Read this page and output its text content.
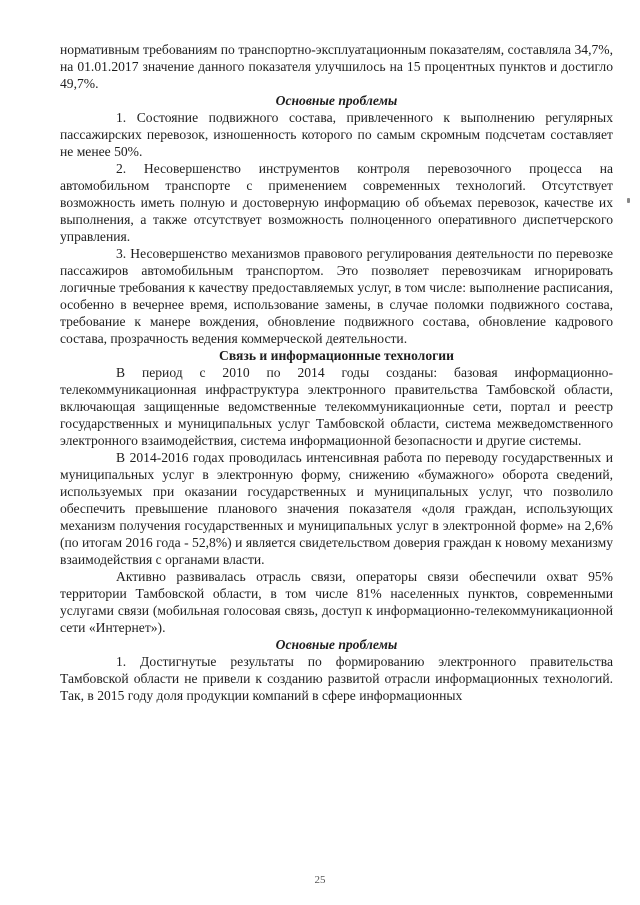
нормативным требованиям по транспортно-эксплуатационным показателям, составляла 34,7%, на 01.01.2017 значение данного показателя улучшилось на 15 процентных пунктов и достигло 49,7%.

Основные проблемы

1. Состояние подвижного состава, привлеченного к выполнению регулярных пассажирских перевозок, изношенность которого по самым скромным подсчетам составляет не менее 50%.

2. Несовершенство инструментов контроля перевозочного процесса на автомобильном транспорте с применением современных технологий. Отсутствует возможность иметь полную и достоверную информацию об объемах перевозок, качестве их выполнения, а также отсутствует возможность полноценного оперативного диспетчерского управления.

3. Несовершенство механизмов правового регулирования деятельности по перевозке пассажиров автомобильным транспортом. Это позволяет перевозчикам игнорировать логичные требования к качеству предоставляемых услуг, в том числе: выполнение расписания, особенно в вечернее время, использование замены, в случае поломки подвижного состава, требование к манере вождения, обновление подвижного состава, обновление кадрового состава, прозрачность ведения коммерческой деятельности.

Связь и информационные технологии

В период с 2010 по 2014 годы созданы: базовая информационно-телекоммуникационная инфраструктура электронного правительства Тамбовской области, включающая защищенные ведомственные телекоммуникационные сети, портал и реестр государственных и муниципальных услуг Тамбовской области, система межведомственного электронного взаимодействия, система информационной безопасности и другие системы.

В 2014-2016 годах проводилась интенсивная работа по переводу государственных и муниципальных услуг в электронную форму, снижению «бумажного» оборота сведений, используемых при оказании государственных и муниципальных услуг, что позволило обеспечить превышение планового значения показателя «доля граждан, использующих механизм получения государственных и муниципальных услуг в электронной форме» на 2,6% (по итогам 2016 года - 52,8%) и является свидетельством доверия граждан к новому механизму взаимодействия с органами власти.

Активно развивалась отрасль связи, операторы связи обеспечили охват 95% территории Тамбовской области, в том числе 81% населенных пунктов, современными услугами связи (мобильная голосовая связь, доступ к информационно-телекоммуникационной сети «Интернет»).

Основные проблемы

1. Достигнутые результаты по формированию электронного правительства Тамбовской области не привели к созданию развитой отрасли информационных технологий. Так, в 2015 году доля продукции компаний в сфере информационных

25
